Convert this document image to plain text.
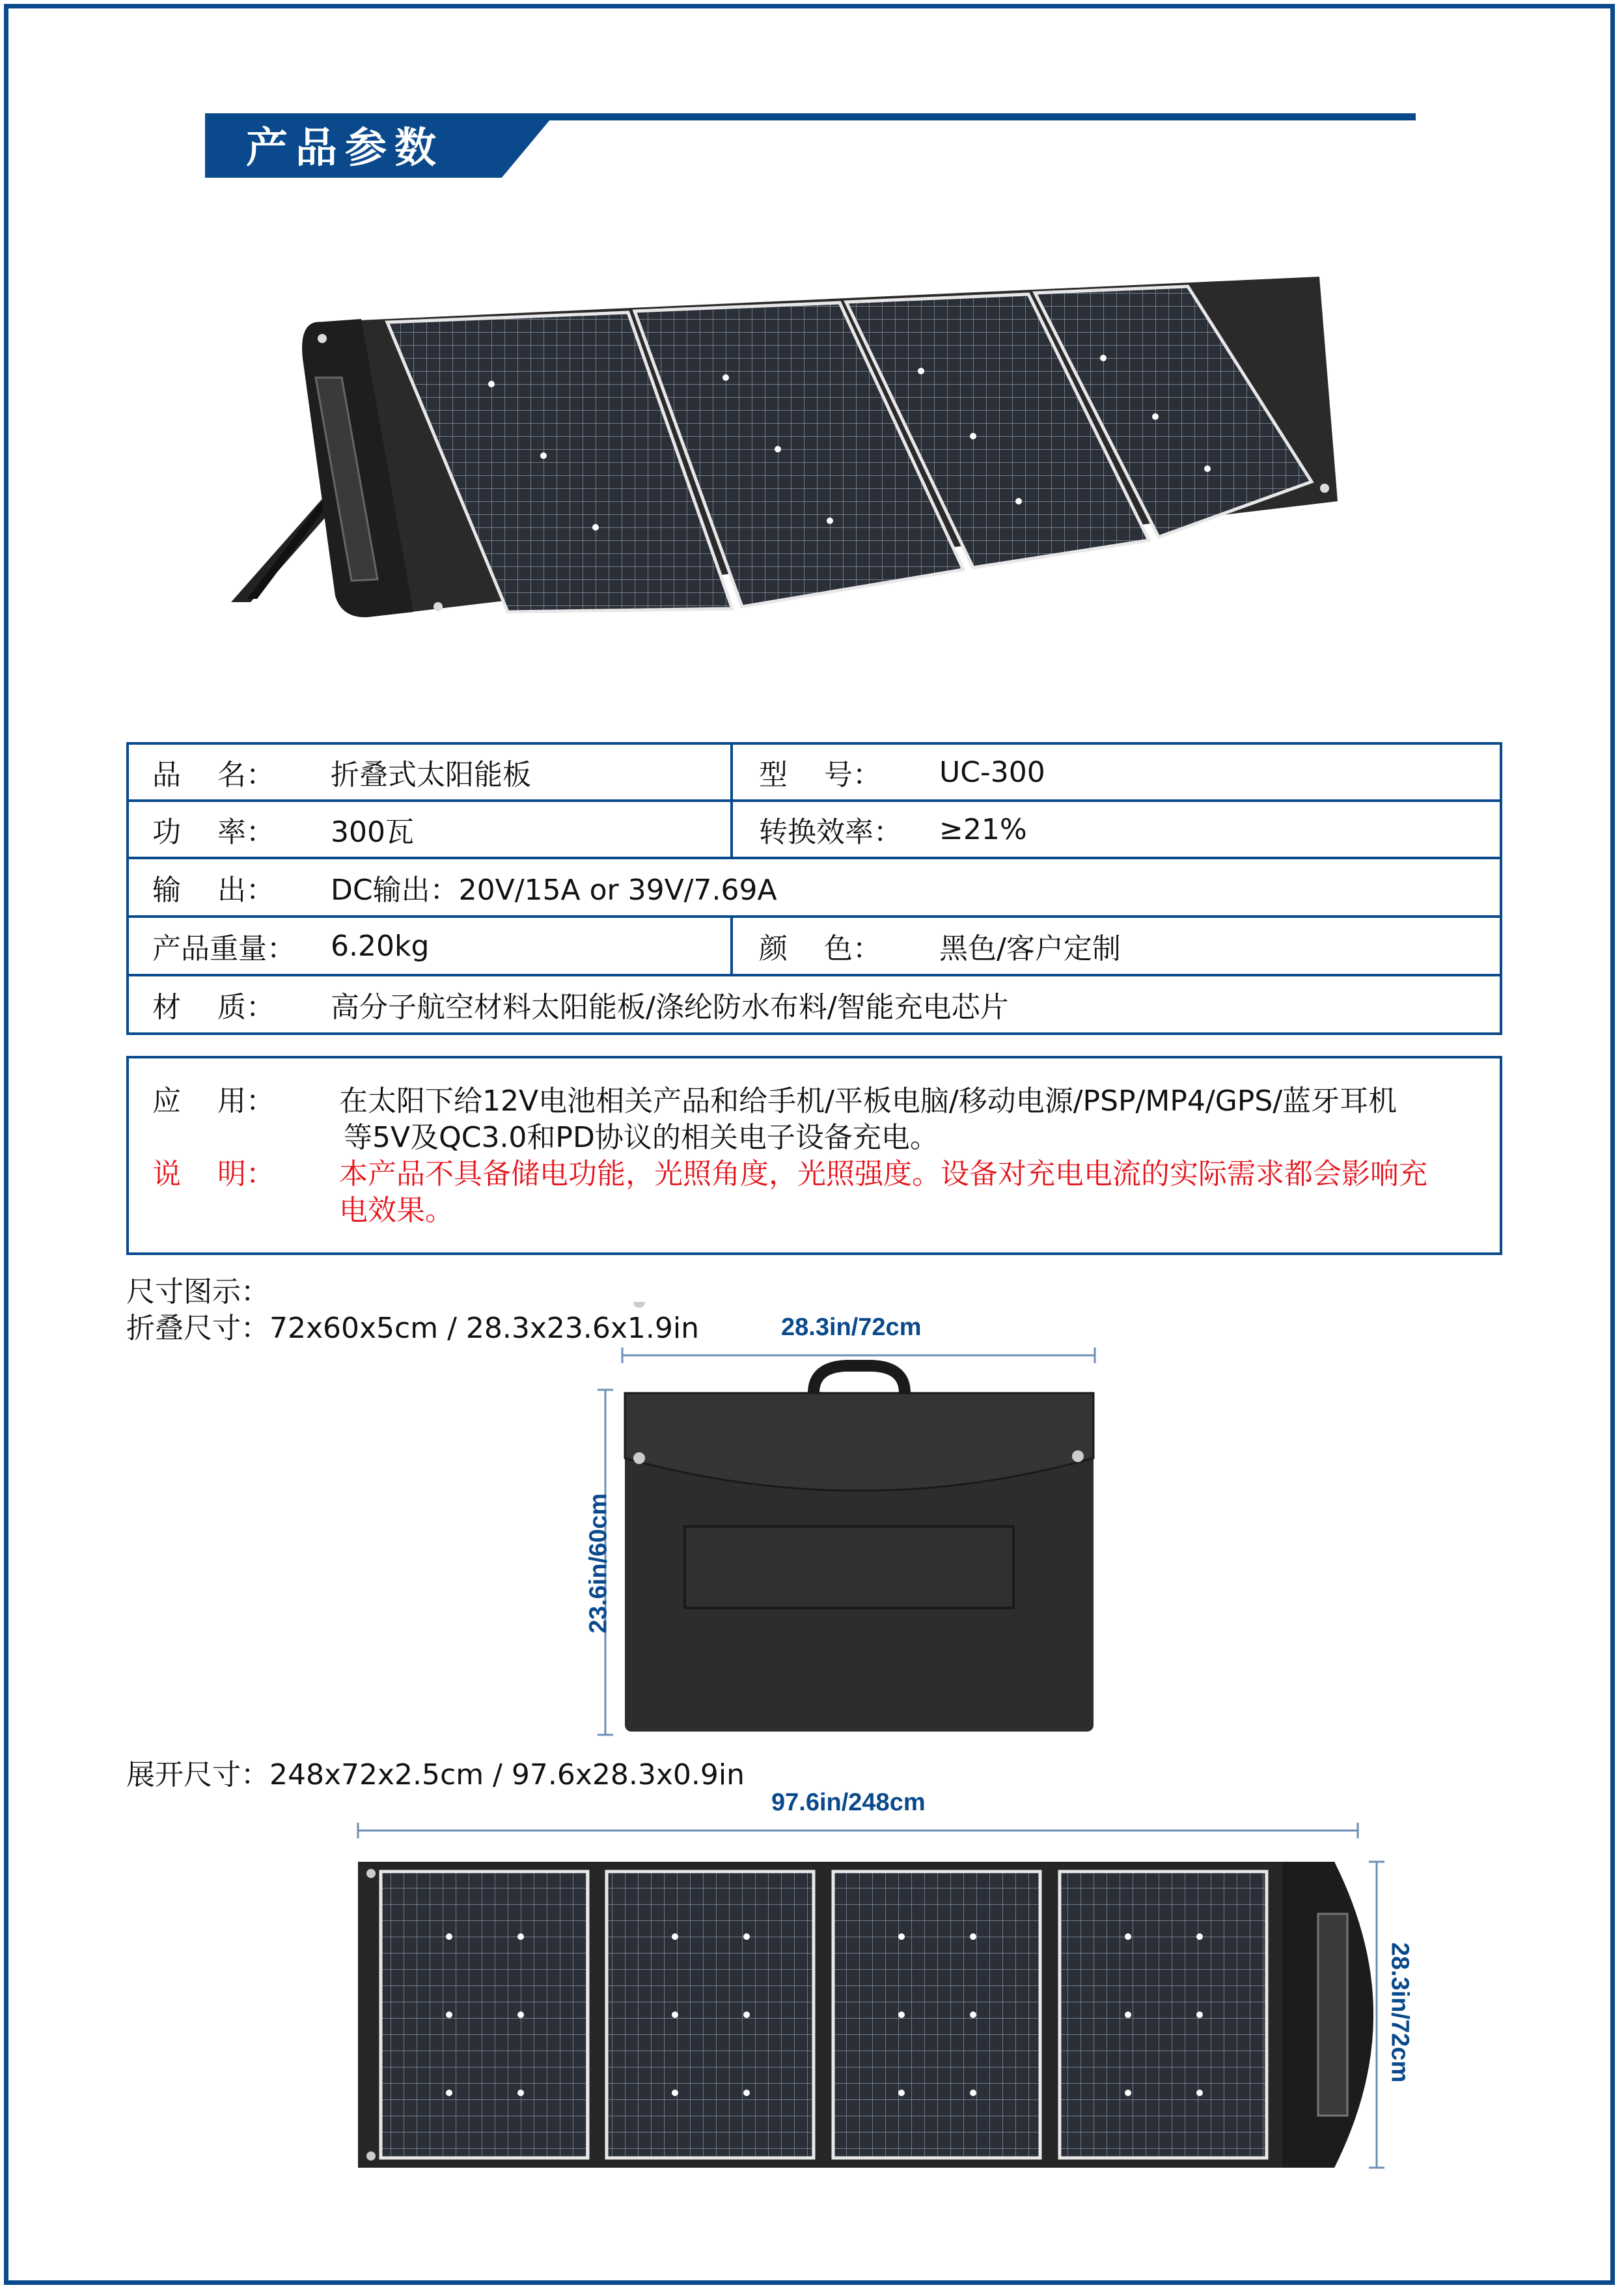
产品参数
品    名： 折叠式太阳能板	型    号： UC-300
功    率： 300瓦	转换效率： ≥21%
输    出： DC输出：20V/15A or 39V/7.69A
产品重量： 6.20kg	颜    色： 黑色/客户定制
材    质： 高分子航空材料太阳能板/涤纶防水布料/智能充电芯片
应    用： 在太阳下给12V电池相关产品和给手机/平板电脑/移动电源/PSP/MP4/GPS/蓝牙耳机
等5V及QC3.0和PD协议的相关电子设备充电。
说    明： 本产品不具备储电功能，光照角度，光照强度。设备对充电电流的实际需求都会影响充
电效果。
尺寸图示：
折叠尺寸：72x60x5cm / 28.3x23.6x1.9in	28.3in/72cm
23.6in/60cm
展开尺寸：248x72x2.5cm / 97.6x28.3x0.9in
97.6in/248cm
28.3in/72cm
